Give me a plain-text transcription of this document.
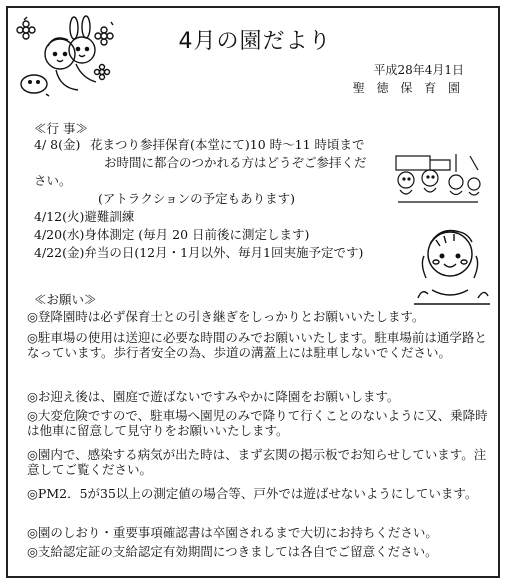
4月の園だより
平成28年4月1日
聖 徳 保 育 園
≪行 事≫
4/ 8(金) 花まつり参拝保育(本堂にて)10 時～11 時頃まで
お時間に都合のつかれる方はどうぞご参拝くだ
さい。
(アトラクションの予定もあります)
4/12(火)避難訓練
4/20(水)身体測定 (毎月 20 日前後に測定します)
4/22(金)弁当の日(12月・1月以外、毎月1回実施予定です)
≪お願い≫
◎登降園時は必ず保育士との引き継ぎをしっかりとお願いいたします。
◎駐車場の使用は送迎に必要な時間のみでお願いいたします。駐車場前は通学路となっています。歩行者安全の為、歩道の溝蓋上には駐車しないでください。
◎お迎え後は、園庭で遊ばないですみやかに降園をお願いします。
◎大変危険ですので、駐車場へ園児のみで降りて行くことのないように又、乗降時は他車に留意して見守りをお願いいたします。
◎園内で、感染する病気が出た時は、まず玄関の掲示板でお知らせしています。注意してご覧ください。
◎PM2．5が35以上の測定値の場合等、戸外では遊ばせないようにしています。
◎園のしおり・重要事項確認書は卒園されるまで大切にお持ちください。
◎支給認定証の支給認定有効期間につきましては各自でご留意ください。
